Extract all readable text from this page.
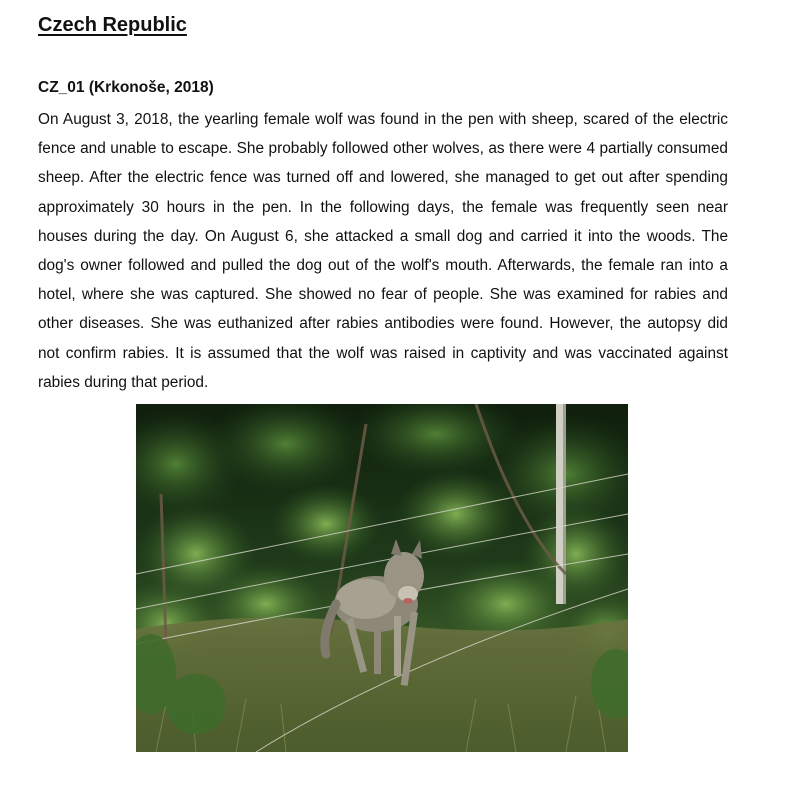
Czech Republic
CZ_01 (Krkonoše, 2018)

On August 3, 2018, the yearling female wolf was found in the pen with sheep, scared of the electric fence and unable to escape. She probably followed other wolves, as there were 4 partially consumed sheep. After the electric fence was turned off and lowered, she managed to get out after spending approximately 30 hours in the pen. In the following days, the female was frequently seen near houses during the day. On August 6, she attacked a small dog and carried it into the woods. The dog's owner followed and pulled the dog out of the wolf's mouth. Afterwards, the female ran into a hotel, where she was captured. She showed no fear of people. She was examined for rabies and other diseases. She was euthanized after rabies antibodies were found. However, the autopsy did not confirm rabies. It is assumed that the wolf was raised in captivity and was vaccinated against rabies during that period.
